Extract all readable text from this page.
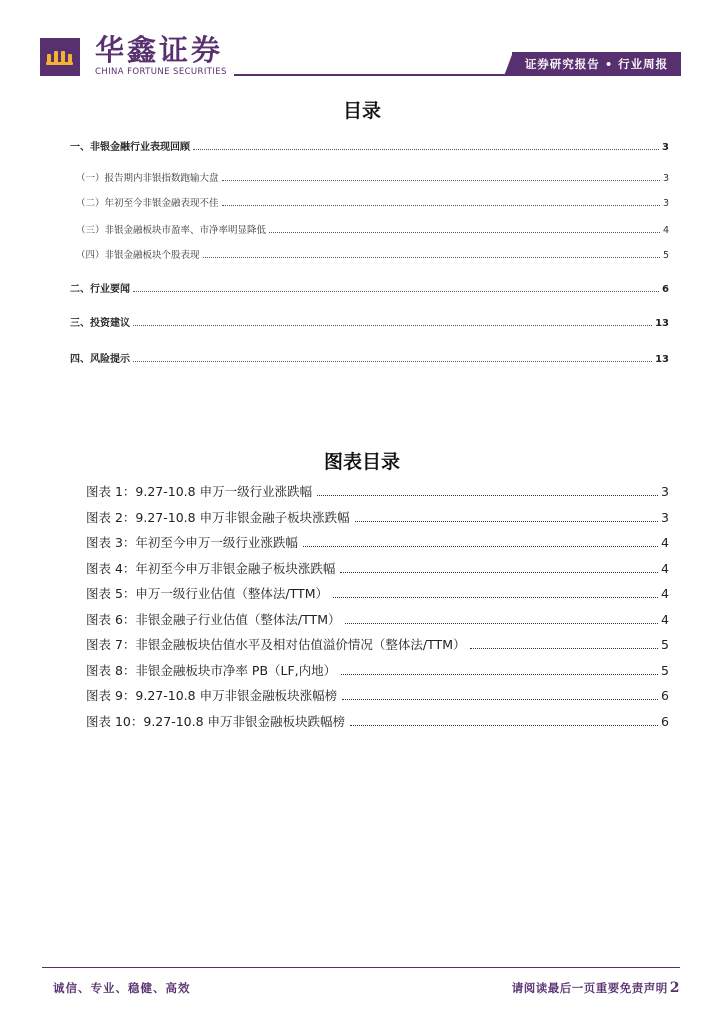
华鑫证券
CHINA FORTUNE SECURITIES
证券研究报告 • 行业周报
目录
一、非银金融行业表现回顾	3
（一）报告期内非银指数跑输大盘	3
（二）年初至今非银金融表现不佳	3
（三）非银金融板块市盈率、市净率明显降低	4
（四）非银金融板块个股表现	5
二、行业要闻	6
三、投资建议	13
四、风险提示	13
图表目录
图表 1：9.27-10.8 申万一级行业涨跌幅	3
图表 2：9.27-10.8 申万非银金融子板块涨跌幅	3
图表 3：年初至今申万一级行业涨跌幅	4
图表 4：年初至今申万非银金融子板块涨跌幅	4
图表 5：申万一级行业估值（整体法/TTM）	4
图表 6：非银金融子行业估值（整体法/TTM）	4
图表 7：非银金融板块估值水平及相对估值溢价情况（整体法/TTM）	5
图表 8：非银金融板块市净率 PB（LF,内地）	5
图表 9：9.27-10.8 申万非银金融板块涨幅榜	6
图表 10：9.27-10.8 申万非银金融板块跌幅榜	6
诚信、专业、稳健、高效	请阅读最后一页重要免责声明 2
